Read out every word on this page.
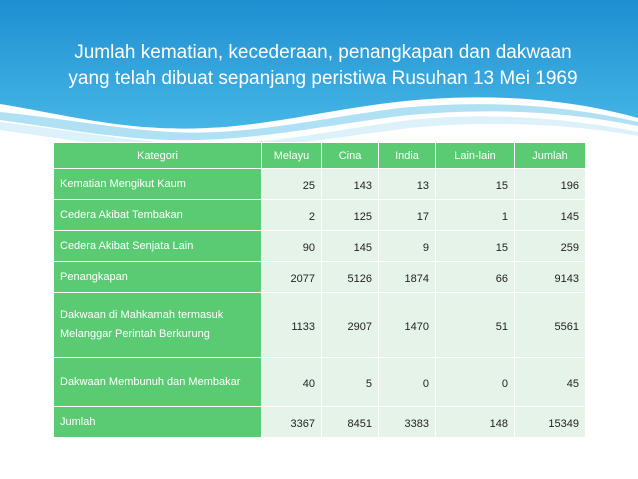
Jumlah kematian, kecederaan, penangkapan dan dakwaan
yang telah dibuat sepanjang peristiwa Rusuhan 13 Mei 1969
Kategori	Melayu	Cina	India	Lain-lain	Jumlah
Kematian Mengikut Kaum	25	143	13	15	196
Cedera Akibat Tembakan	2	125	17	1	145
Cedera Akibat Senjata Lain	90	145	9	15	259
Penangkapan	2077	5126	1874	66	9143
Dakwaan di Mahkamah termasuk Melanggar Perintah Berkurung	1133	2907	1470	51	5561
Dakwaan Membunuh dan Membakar	40	5	0	0	45
Jumlah	3367	8451	3383	148	15349
